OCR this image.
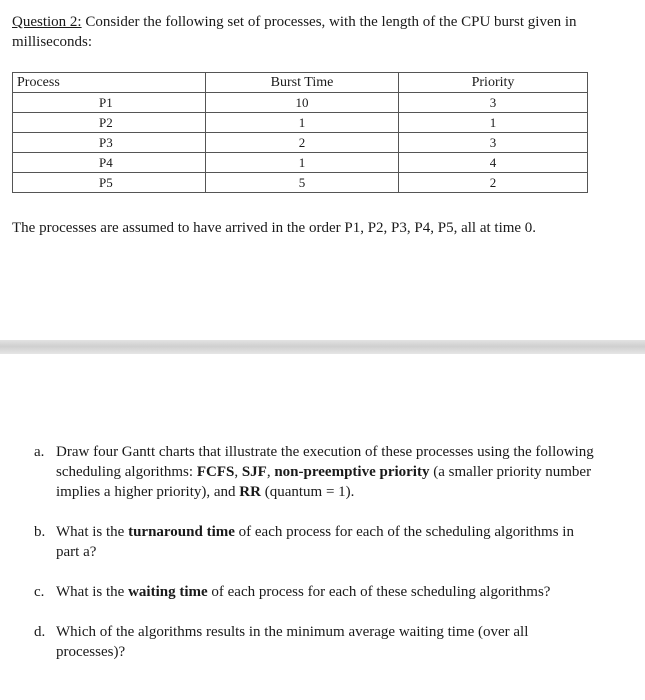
Question 2: Consider the following set of processes, with the length of the CPU burst given in milliseconds:
Process	Burst Time	Priority
P1	10	3
P2	1	1
P3	2	3
P4	1	4
P5	5	2
The processes are assumed to have arrived in the order P1, P2, P3, P4, P5, all at time 0.
a. Draw four Gantt charts that illustrate the execution of these processes using the following scheduling algorithms: FCFS, SJF, non-preemptive priority (a smaller priority number implies a higher priority), and RR (quantum = 1).
b. What is the turnaround time of each process for each of the scheduling algorithms in part a?
c. What is the waiting time of each process for each of these scheduling algorithms?
d. Which of the algorithms results in the minimum average waiting time (over all processes)?
